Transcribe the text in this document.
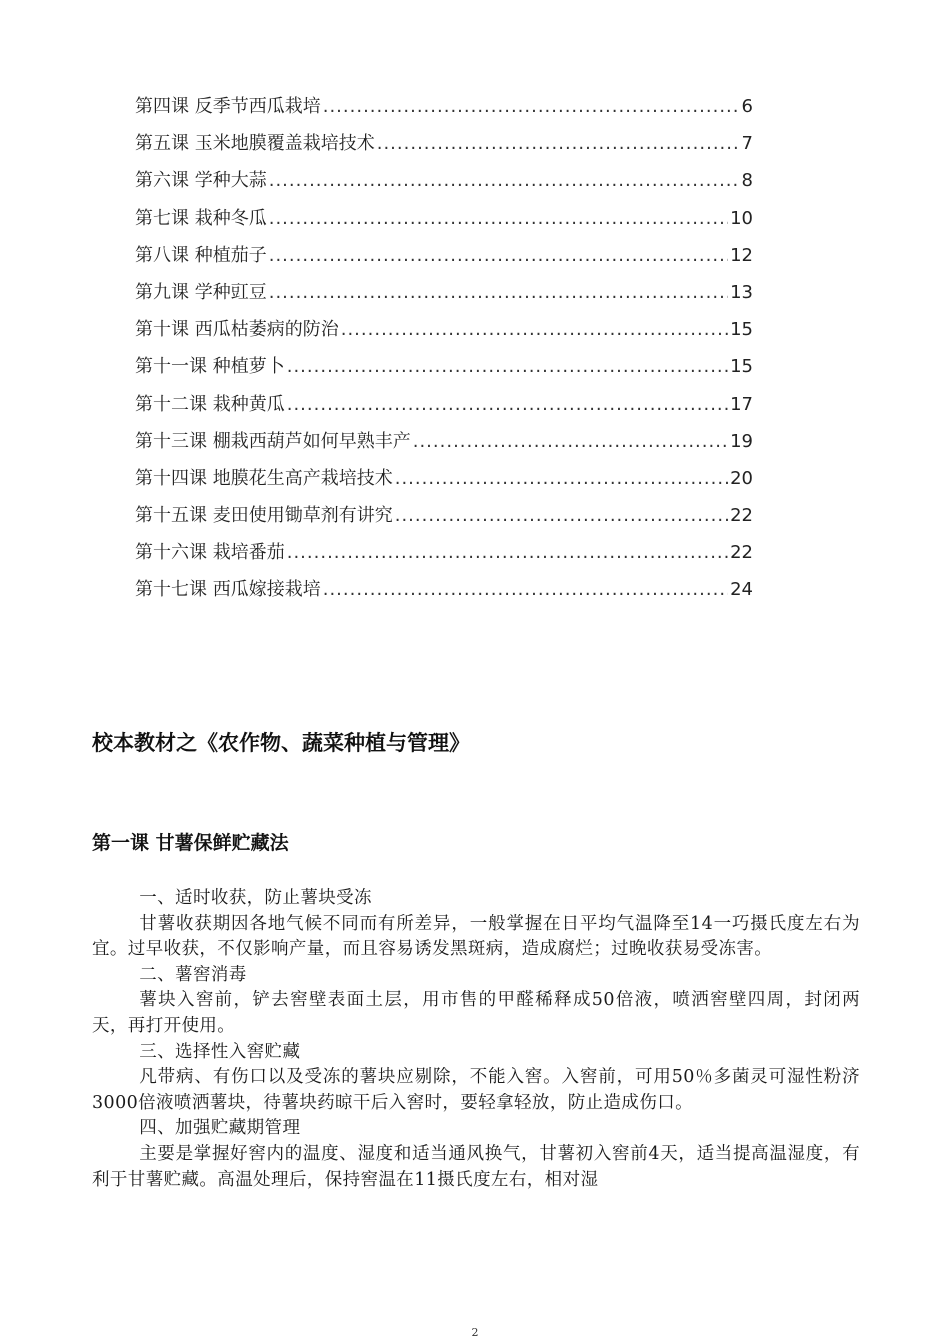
第四课 反季节西瓜栽培 .....	6
第五课 玉米地膜覆盖栽培技术 .....	7
第六课 学种大蒜 .....	8
第七课 栽种冬瓜 .....	10
第八课 种植茄子 .....	12
第九课 学种豇豆 .....	13
第十课 西瓜枯萎病的防治 .....	15
第十一课 种植萝卜 .....	15
第十二课 栽种黄瓜 .....	17
第十三课 棚栽西葫芦如何早熟丰产 .....	19
第十四课 地膜花生高产栽培技术 .....	20
第十五课 麦田使用锄草剂有讲究 .....	22
第十六课 栽培番茄 .....	22
第十七课 西瓜嫁接栽培 .....	24
校本教材之《农作物、蔬菜种植与管理》
第一课 甘薯保鲜贮藏法

一、适时收获，防止薯块受冻

甘薯收获期因各地气候不同而有所差异，一般掌握在日平均气温降至14一巧摄氏度左右为宜。过早收获，不仅影响产量，而且容易诱发黑斑病，造成腐烂；过晚收获易受冻害。

二、薯窖消毒

薯块入窖前，铲去窖壁表面土层，用市售的甲醛稀释成50倍液，喷洒窖壁四周，封闭两天，再打开使用。

三、选择性入窖贮藏

凡带病、有伤口以及受冻的薯块应剔除，不能入窖。入窖前，可用50％多菌灵可湿性粉济3000倍液喷洒薯块，待薯块药晾干后入窖时，要轻拿轻放，防止造成伤口。

四、加强贮藏期管理

主要是掌握好窖内的温度、湿度和适当通风换气，甘薯初入窖前4天，适当提高温湿度，有利于甘薯贮藏。高温处理后，保持窖温在11摄氏度左右，相对湿

2
